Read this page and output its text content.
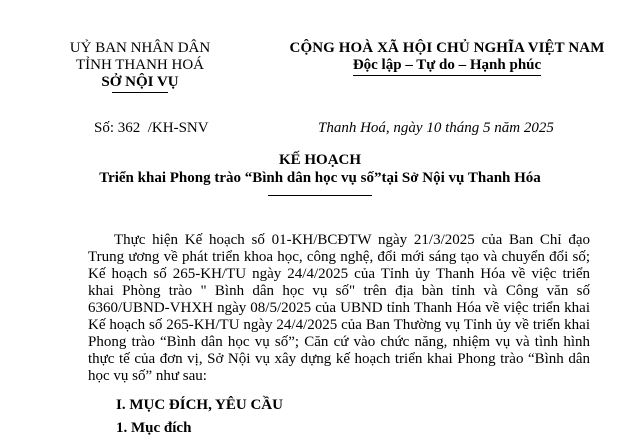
UỶ BAN NHÂN DÂN
TỈNH THANH HOÁ
SỞ NỘI VỤ
CỘNG HOÀ XÃ HỘI CHỦ NGHĨA VIỆT NAM
Độc lập – Tự do – Hạnh phúc
Số: 362  /KH-SNV	Thanh Hoá, ngày 10 tháng 5 năm 2025
KẾ HOẠCH
Triển khai Phong trào “Bình dân học vụ số”tại Sở Nội vụ Thanh Hóa
Thực hiện Kế hoạch số 01-KH/BCĐTW ngày 21/3/2025 của Ban Chỉ đạo
Trung ương về phát triển khoa học, công nghệ, đổi mới sáng tạo và chuyển đổi số;
Kế hoạch số 265-KH/TU ngày 24/4/2025 của Tỉnh ủy Thanh Hóa về việc triển
khai Phòng trào " Bình dân học vụ số" trên địa bàn tỉnh và Công văn số
6360/UBND-VHXH ngày 08/5/2025 của UBND tỉnh Thanh Hóa về việc triển khai
Kế hoạch số 265-KH/TU ngày 24/4/2025 của Ban Thường vụ Tỉnh ủy về triển khai
Phong trào “Bình dân học vụ số”; Căn cứ vào chức năng, nhiệm vụ và tình hình
thực tế của đơn vị, Sở Nội vụ xây dựng kế hoạch triển khai Phong trào “Bình dân
học vụ số” như sau:
I. MỤC ĐÍCH, YÊU CẦU
1. Mục đích
